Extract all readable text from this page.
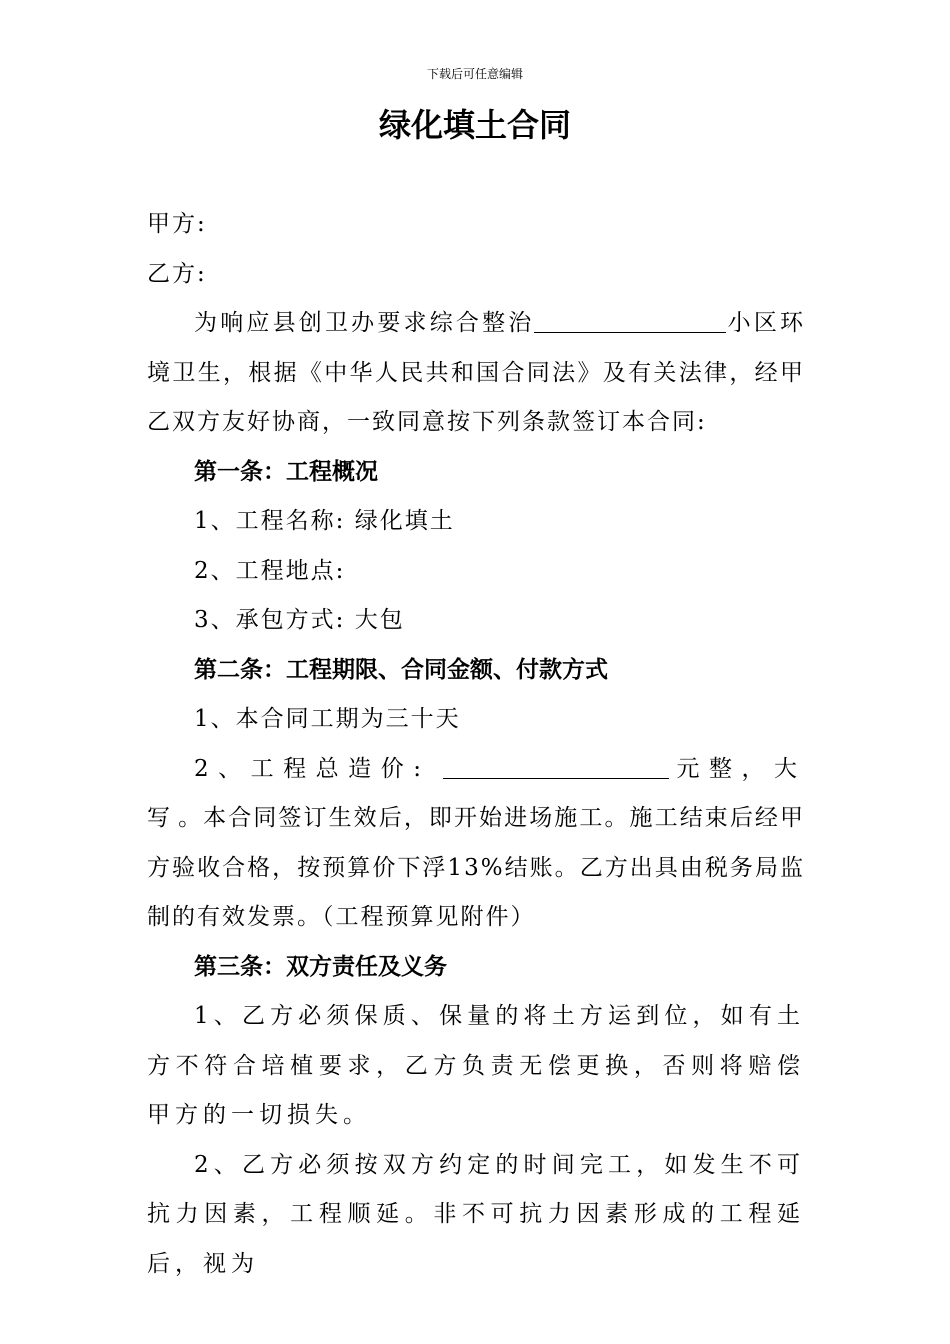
下载后可任意编辑
绿化填土合同

甲方:

乙方:

为响应县创卫办要求综合整治	小区环境卫生，根据《中华人民共和国合同法》及有关法律，经甲乙双方友好协商，一致同意按下列条款签订本合同:

第一条：工程概况

1、工程名称: 绿化填土

2、工程地点:

3、承包方式: 大包

第二条：工程期限、合同金额、付款方式

1、本合同工期为三十天

2、工程总造价:	元整，大写。本合同签订生效后，即开始进场施工。施工结束后经甲方验收合格，按预算价下浮13%结账。乙方出具由税务局监制的有效发票。（工程预算见附件）

第三条：双方责任及义务

1、乙方必须保质、保量的将土方运到位，如有土方不符合培植要求，乙方负责无偿更换，否则将赔偿甲方的一切损失。

2、乙方必须按双方约定的时间完工，如发生不可抗力因素，工程顺延。非不可抗力因素形成的工程延后，视为
